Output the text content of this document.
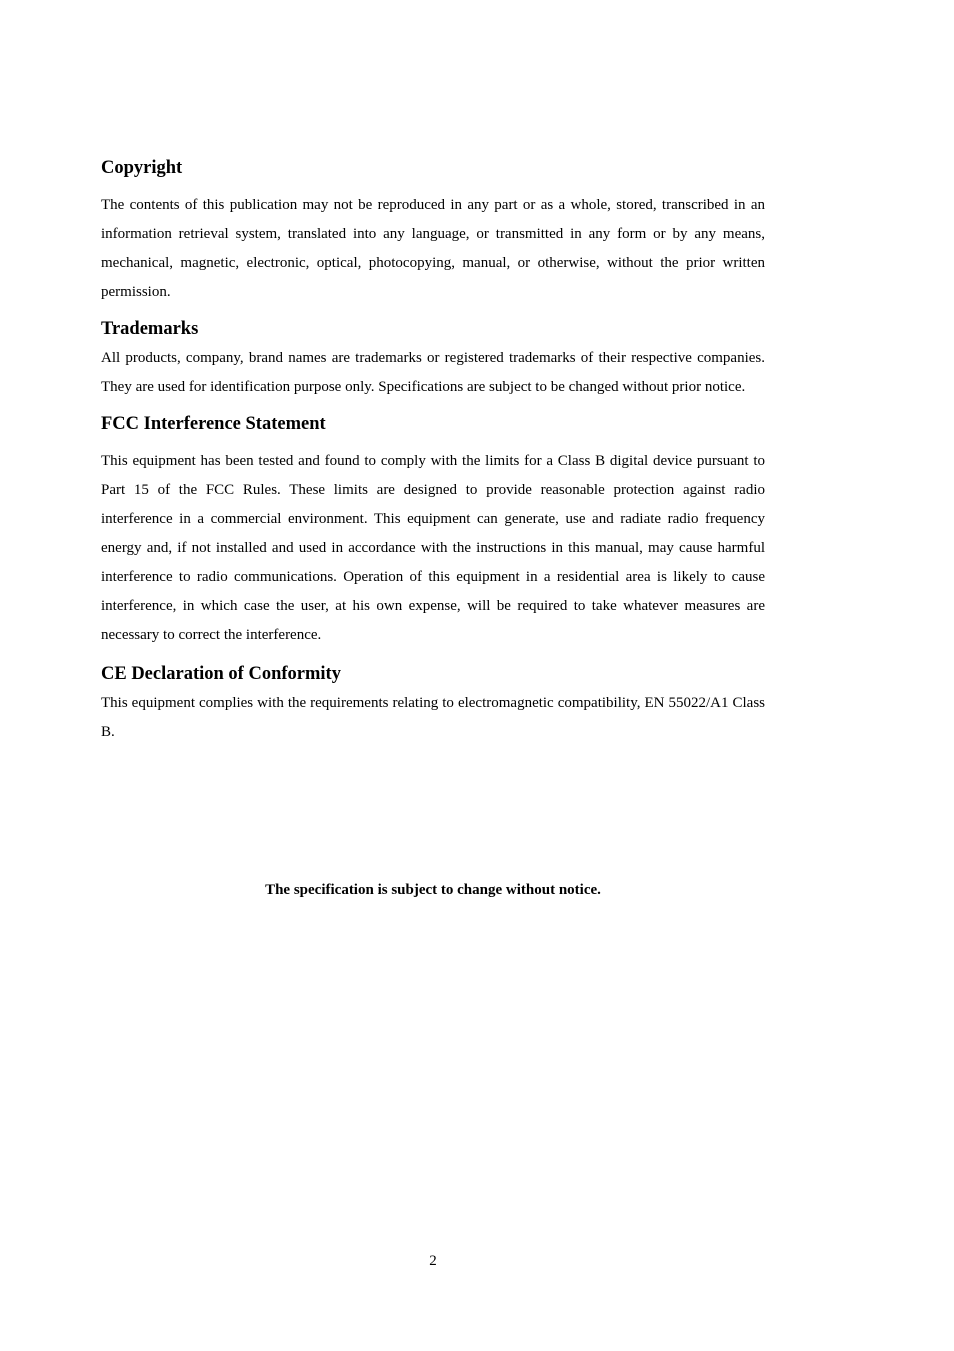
Copyright

The contents of this publication may not be reproduced in any part or as a whole, stored, transcribed in an information retrieval system, translated into any language, or transmitted in any form or by any means, mechanical, magnetic, electronic, optical, photocopying, manual, or otherwise, without the prior written permission.

Trademarks

All products, company, brand names are trademarks or registered trademarks of their respective companies. They are used for identification purpose only. Specifications are subject to be changed without prior notice.

FCC Interference Statement

This equipment has been tested and found to comply with the limits for a Class B digital device pursuant to Part 15 of the FCC Rules. These limits are designed to provide reasonable protection against radio interference in a commercial environment. This equipment can generate, use and radiate radio frequency energy and, if not installed and used in accordance with the instructions in this manual, may cause harmful interference to radio communications. Operation of this equipment in a residential area is likely to cause interference, in which case the user, at his own expense, will be required to take whatever measures are necessary to correct the interference.

CE Declaration of Conformity

This equipment complies with the requirements relating to electromagnetic compatibility, EN 55022/A1 Class B.

The specification is subject to change without notice.
2
